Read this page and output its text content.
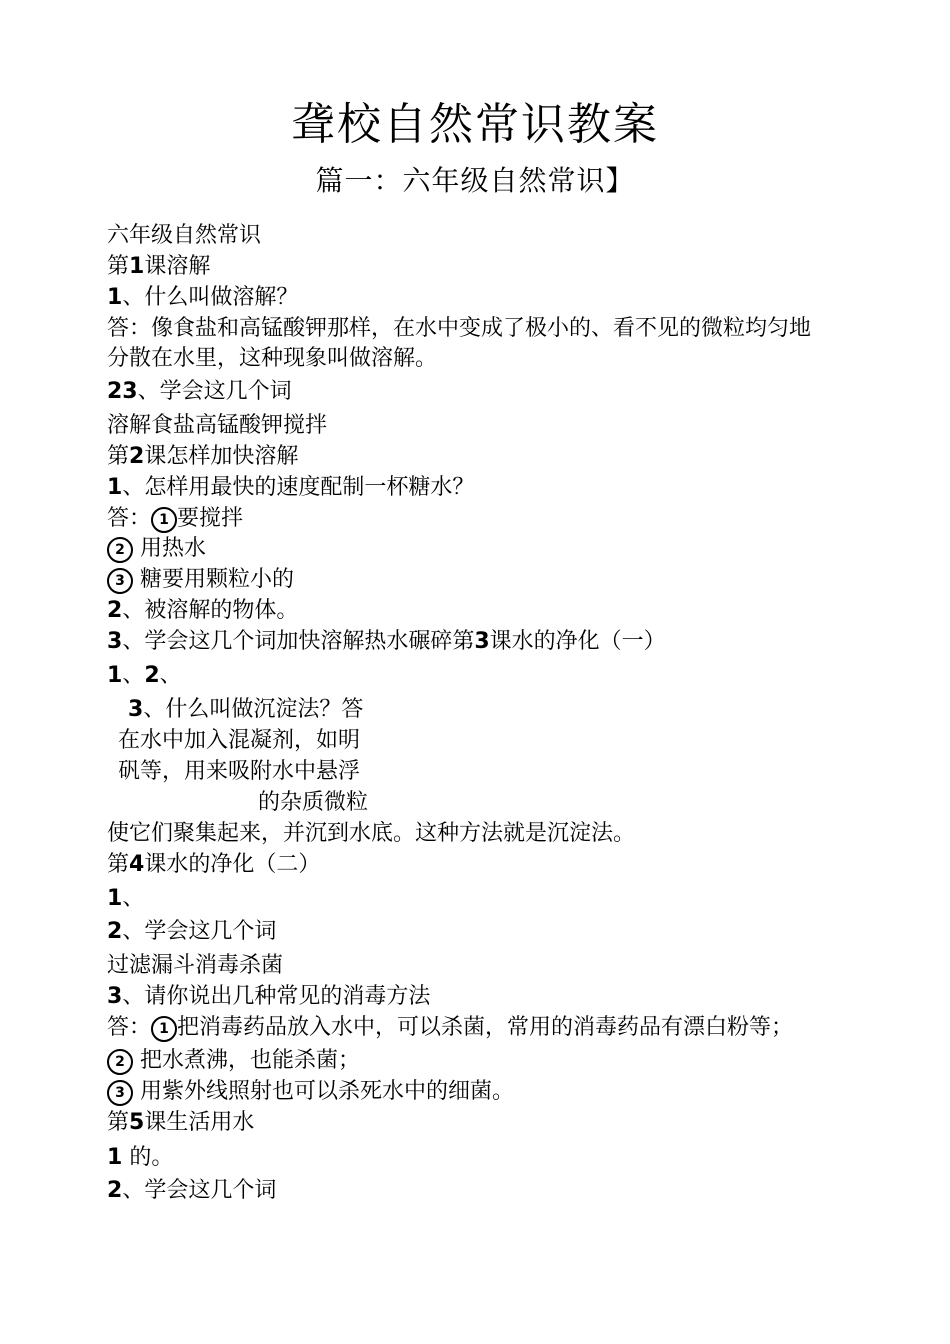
聋校自然常识教案
篇一：六年级自然常识】
六年级自然常识
第1课溶解
1、什么叫做溶解？
答：像食盐和高锰酸钾那样，在水中变成了极小的、看不见的微粒均匀地
分散在水里，这种现象叫做溶解。
23、学会这几个词
溶解食盐高锰酸钾搅拌
第2课怎样加快溶解
1、怎样用最快的速度配制一杯糖水？
答： 1 要搅拌
2 用热水
3 糖要用颗粒小的
2、被溶解的物体。
3、学会这几个词加快溶解热水碾碎第3课水的净化（一）
1、2、
3、什么叫做沉淀法？答
在水中加入混凝剂，如明
矾等，用来吸附水中悬浮
的杂质微粒
使它们聚集起来，并沉到水底。这种方法就是沉淀法。
第4课水的净化（二）
1、
2、学会这几个词
过滤漏斗消毒杀菌
3、请你说出几种常见的消毒方法
答： 1 把消毒药品放入水中，可以杀菌，常用的消毒药品有漂白粉等；
2 把水煮沸，也能杀菌；
3 用紫外线照射也可以杀死水中的细菌。
第5课生活用水
1 的。
2、学会这几个词
